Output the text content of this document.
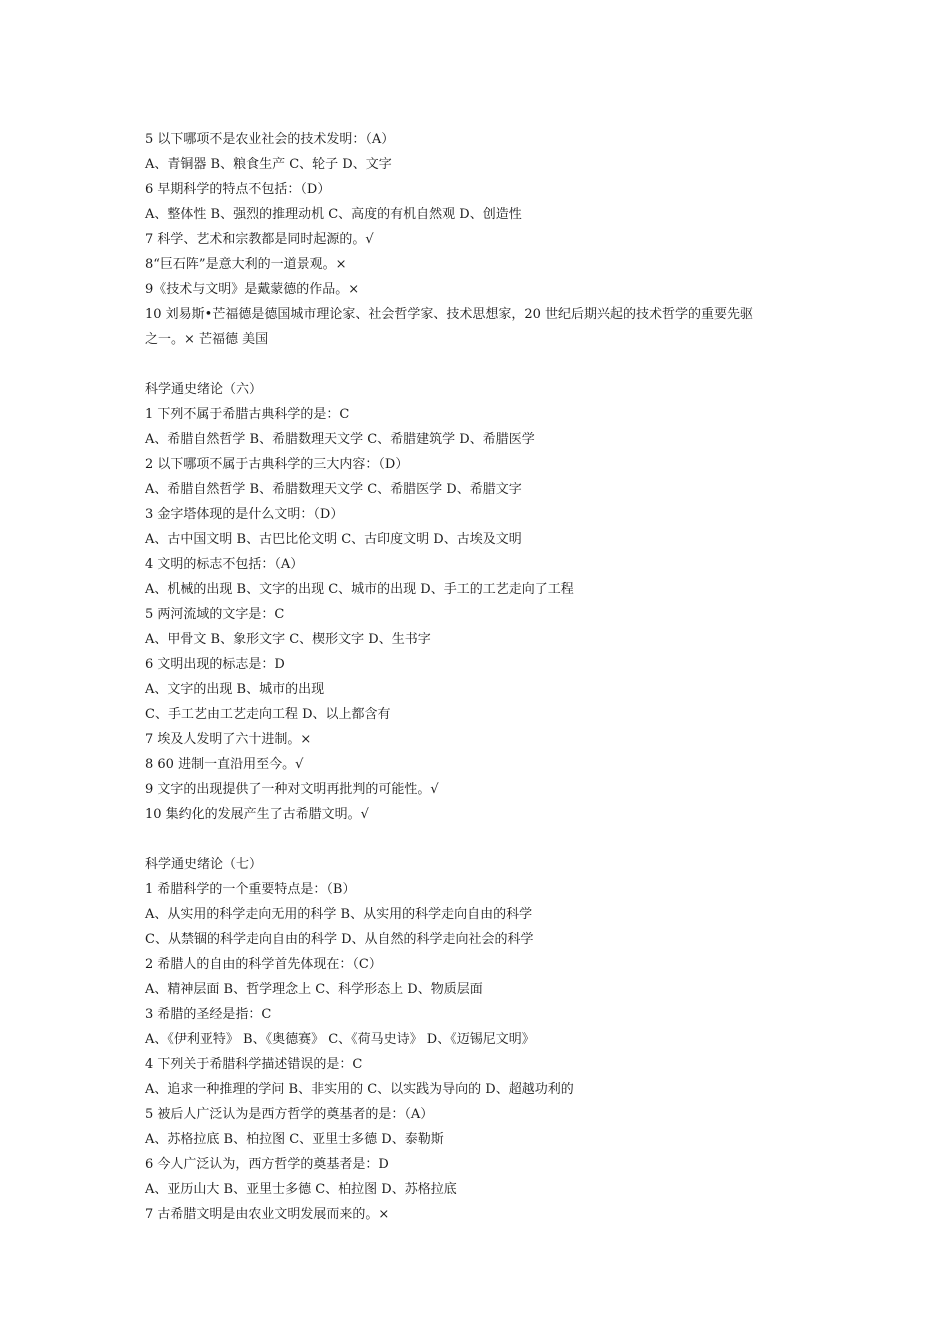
5 以下哪项不是农业社会的技术发明：（A）
A、青铜器 B、粮食生产 C、轮子 D、文字
6 早期科学的特点不包括：（D）
A、整体性 B、强烈的推理动机 C、高度的有机自然观 D、创造性
7 科学、艺术和宗教都是同时起源的。√
8“巨石阵”是意大利的一道景观。×
9《技术与文明》是戴蒙德的作品。×
10 刘易斯•芒福德是德国城市理论家、社会哲学家、技术思想家，20 世纪后期兴起的技术哲学的重要先驱
之一。× 芒福德 美国
科学通史绪论（六）
1 下列不属于希腊古典科学的是：C
A、希腊自然哲学 B、希腊数理天文学 C、希腊建筑学 D、希腊医学
2 以下哪项不属于古典科学的三大内容：（D）
A、希腊自然哲学 B、希腊数理天文学 C、希腊医学 D、希腊文字
3 金字塔体现的是什么文明：（D）
A、古中国文明 B、古巴比伦文明 C、古印度文明 D、古埃及文明
4 文明的标志不包括：（A）
A、机械的出现 B、文字的出现 C、城市的出现 D、手工的工艺走向了工程
5 两河流域的文字是：C
A、甲骨文 B、象形文字 C、楔形文字 D、生书字
6 文明出现的标志是：D
A、文字的出现 B、城市的出现
C、手工艺由工艺走向工程 D、以上都含有
7 埃及人发明了六十进制。×
8 60 进制一直沿用至今。√
9 文字的出现提供了一种对文明再批判的可能性。√
10 集约化的发展产生了古希腊文明。√
科学通史绪论（七）
1 希腊科学的一个重要特点是：（B）
A、从实用的科学走向无用的科学 B、从实用的科学走向自由的科学
C、从禁锢的科学走向自由的科学 D、从自然的科学走向社会的科学
2 希腊人的自由的科学首先体现在：（C）
A、精神层面 B、哲学理念上 C、科学形态上 D、物质层面
3 希腊的圣经是指：C
A、《伊利亚特》 B、《奥德赛》 C、《荷马史诗》 D、《迈锡尼文明》
4 下列关于希腊科学描述错误的是：C
A、追求一种推理的学问 B、非实用的 C、以实践为导向的 D、超越功利的
5 被后人广泛认为是西方哲学的奠基者的是：（A）
A、苏格拉底 B、柏拉图 C、亚里士多德 D、泰勒斯
6 今人广泛认为，西方哲学的奠基者是：D
A、亚历山大 B、亚里士多德 C、柏拉图 D、苏格拉底
7 古希腊文明是由农业文明发展而来的。×
